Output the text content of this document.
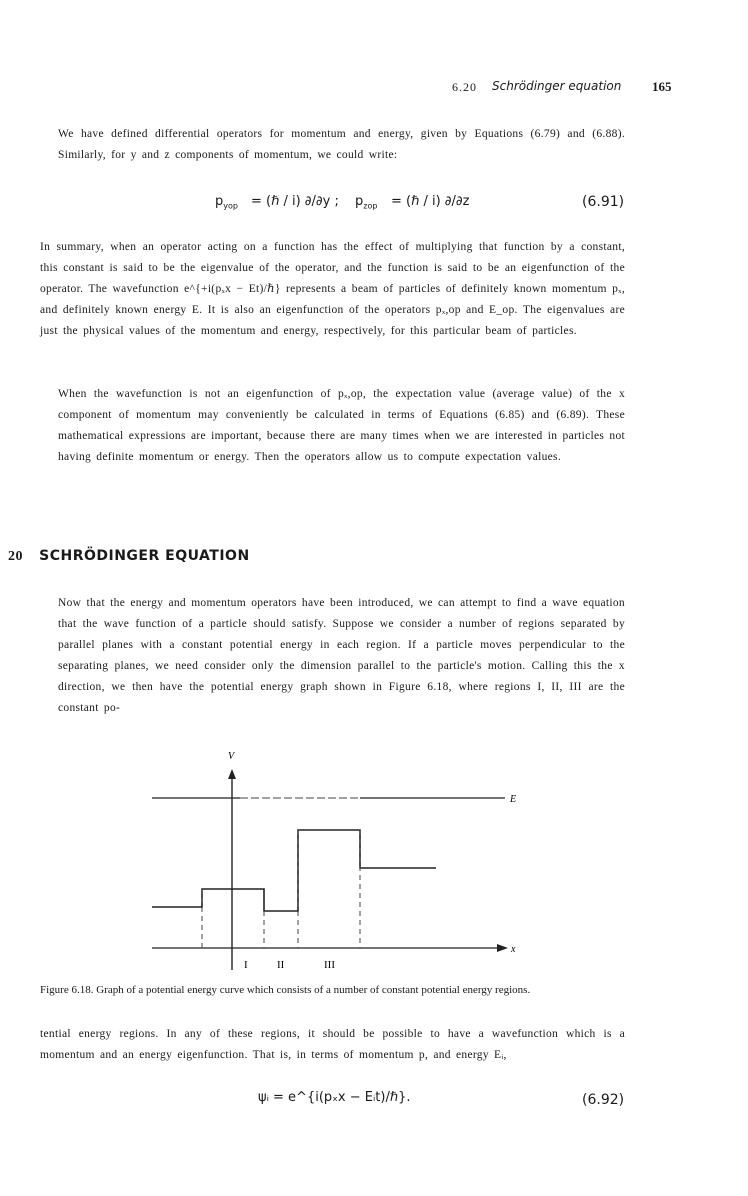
6.20 Schrödinger equation 165
We have defined differential operators for momentum and energy, given by Equations (6.79) and (6.88). Similarly, for y and z components of momentum, we could write:
$p_{yop}$ = (ℏ / i) ∂/∂y ; $p_{zop}$ = (ℏ / i) ∂/∂z	(6.91)
In summary, when an operator acting on a function has the effect of multiplying that function by a constant, this constant is said to be the eigenvalue of the operator, and the function is said to be an eigenfunction of the operator. The wavefunction e^{+i(pₓx − Et)/ℏ} represents a beam of particles of definitely known momentum pₓ, and definitely known energy E. It is also an eigenfunction of the operators pₓ,op and E_op. The eigenvalues are just the physical values of the momentum and energy, respectively, for this particular beam of particles.
When the wavefunction is not an eigenfunction of pₓ,op, the expectation value (average value) of the x component of momentum may conveniently be calculated in terms of Equations (6.85) and (6.89). These mathematical expressions are important, because there are many times when we are interested in particles not having definite momentum or energy. Then the operators allow us to compute expectation values.
20 SCHRÖDINGER EQUATION
Now that the energy and momentum operators have been introduced, we can attempt to find a wave equation that the wave function of a particle should satisfy. Suppose we consider a number of regions separated by parallel planes with a constant potential energy in each region. If a particle moves perpendicular to the separating planes, we need consider only the dimension parallel to the particle's motion. Calling this the x direction, we then have the potential energy graph shown in Figure 6.18, where regions I, II, III are the constant po-
V
x
E
I	II	III
Figure 6.18. Graph of a potential energy curve which consists of a number of constant potential energy regions.
tential energy regions. In any of these regions, it should be possible to have a wavefunction which is a momentum and an energy eigenfunction. That is, in terms of momentum p, and energy Eᵢ,
ψᵢ = e^{i(pₓx − Eᵢt)/ℏ}.	(6.92)
